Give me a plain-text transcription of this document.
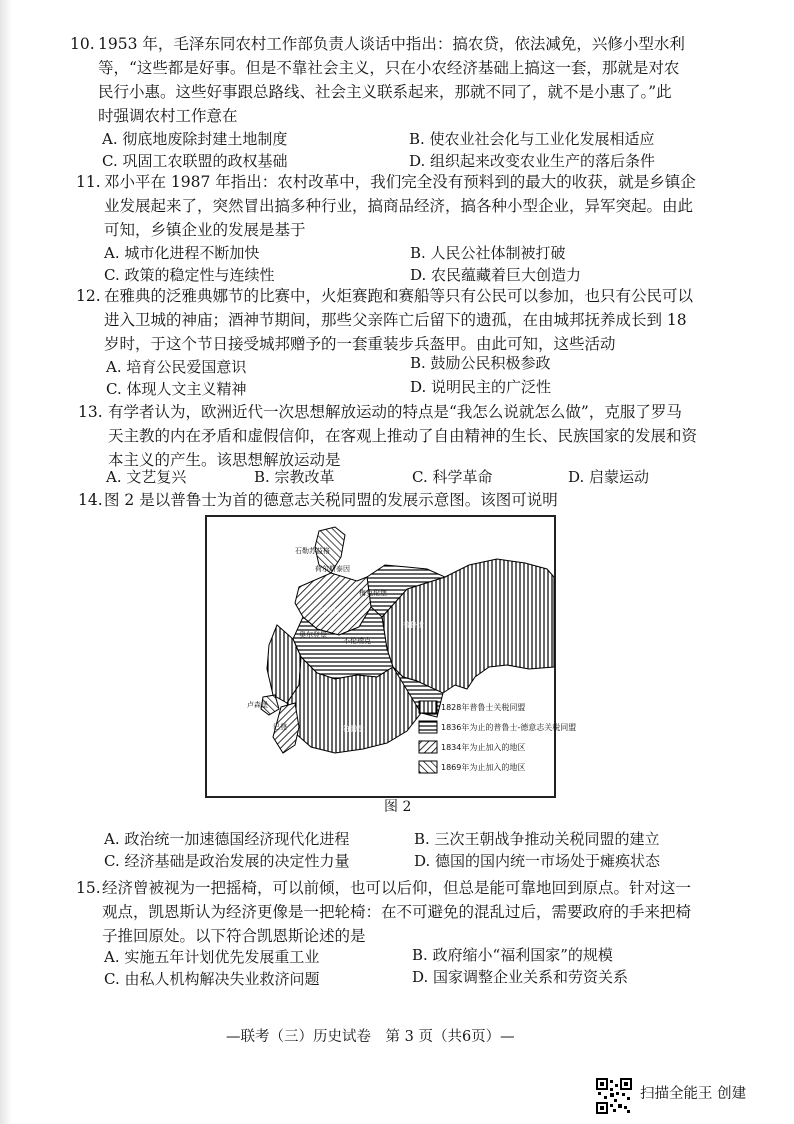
10. 1953 年，毛泽东同农村工作部负责人谈话中指出：搞农贷，依法减免，兴修小型水利
等，“这些都是好事。但是不靠社会主义，只在小农经济基础上搞这一套，那就是对农
民行小惠。这些好事跟总路线、社会主义联系起来，那就不同了，就不是小惠了。”此
时强调农村工作意在
A. 彻底地废除封建土地制度	B. 使农业社会化与工业化发展相适应
C. 巩固工农联盟的政权基础	D. 组织起来改变农业生产的落后条件
11. 邓小平在 1987 年指出：农村改革中，我们完全没有预料到的最大的收获，就是乡镇企
业发展起来了，突然冒出搞多种行业，搞商品经济，搞各种小型企业，异军突起。由此
可知，乡镇企业的发展是基于
A. 城市化进程不断加快	B. 人民公社体制被打破
C. 政策的稳定性与连续性	D. 农民蕴藏着巨大创造力
12. 在雅典的泛雅典娜节的比赛中，火炬赛跑和赛船等只有公民可以参加，也只有公民可以
进入卫城的神庙；酒神节期间，那些父亲阵亡后留下的遗孤，在由城邦抚养成长到 18
岁时，于这个节日接受城邦赠予的一套重装步兵盔甲。由此可知，这些活动
A. 培育公民爱国意识	B. 鼓励公民积极参政
C. 体现人文主义精神	D. 说明民主的广泛性
13. 有学者认为，欧洲近代一次思想解放运动的特点是“我怎么说就怎么做”，克服了罗马
天主教的内在矛盾和虚假信仰，在客观上推动了自由精神的生长、民族国家的发展和资
本主义的产生。该思想解放运动是
A. 文艺复兴	B. 宗教改革	C. 科学革命	D. 启蒙运动
14. 图 2 是以普鲁士为首的德意志关税同盟的发展示意图。该图可说明
石勒苏益格
梅克伦堡
汉诺威
普鲁士
荷尔斯泰因
奥尔登堡
不伦瑞克
卢森堡
巴登	符腾堡
1828年普鲁士关税同盟
1836年为止的普鲁士-德意志关税同盟
1834年为止加入的地区
1869年为止加入的地区
图 2
A. 政治统一加速德国经济现代化进程	B. 三次王朝战争推动关税同盟的建立
C. 经济基础是政治发展的决定性力量	D. 德国的国内统一市场处于瘫痪状态
15. 经济曾被视为一把摇椅，可以前倾，也可以后仰，但总是能可靠地回到原点。针对这一
观点，凯恩斯认为经济更像是一把轮椅：在不可避免的混乱过后，需要政府的手来把椅
子推回原处。以下符合凯恩斯论述的是
A. 实施五年计划优先发展重工业	B. 政府缩小“福利国家”的规模
C. 由私人机构解决失业救济问题	D. 国家调整企业关系和劳资关系
—联考（三）历史试卷　第 3 页（共6页）—
扫描全能王 创建
